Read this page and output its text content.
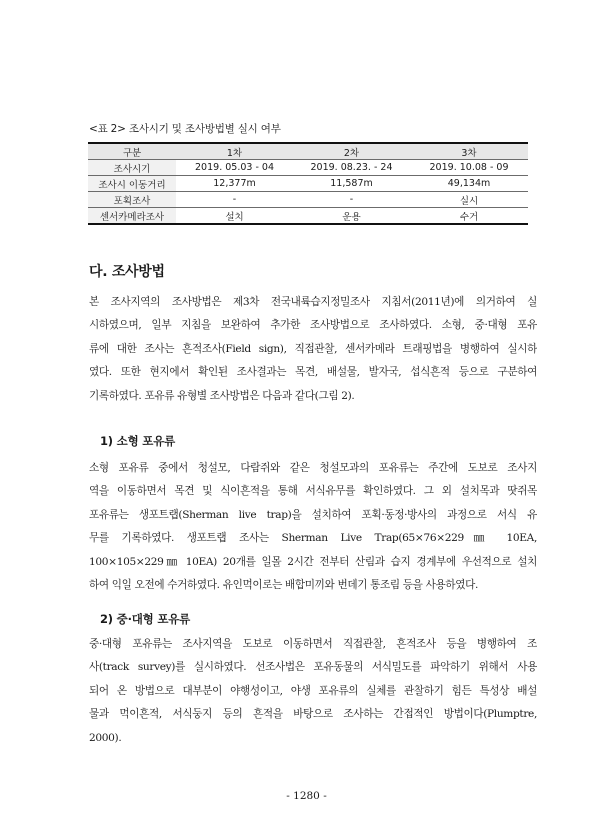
<표 2> 조사시기 및 조사방법별 실시 여부
구분	1차	2차	3차
조사시기	2019. 05.03 - 04	2019. 08.23. - 24	2019. 10.08 - 09
조사시 이동거리	12,377m	11,587m	49,134m
포획조사	-	-	실시
센서카메라조사	설치	운용	수거
다. 조사방법
본 조사지역의 조사방법은 제3차 전국내륙습지정밀조사 지침서(2011년)에 의거하여 실
시하였으며, 일부 지침을 보완하여 추가한 조사방법으로 조사하였다. 소형, 중·대형 포유
류에 대한 조사는 흔적조사(Field sign), 직접관찰, 센서카메라 트래핑법을 병행하여 실시하
였다. 또한 현지에서 확인된 조사결과는 목견, 배설물, 발자국, 섭식흔적 등으로 구분하여
기록하였다. 포유류 유형별 조사방법은 다음과 같다(그림 2).
1) 소형 포유류
소형 포유류 중에서 청설모, 다람쥐와 같은 청설모과의 포유류는 주간에 도보로 조사지
역을 이동하면서 목견 및 식이흔적을 통해 서식유무를 확인하였다. 그 외 설치목과 땃쥐목
포유류는 생포트랩(Sherman live trap)을 설치하여 포획·동정·방사의 과정으로 서식 유
무를 기록하였다. 생포트랩 조사는 Sherman Live Trap(65×76×229㎜ 10EA,
100×105×229㎜ 10EA) 20개를 일몰 2시간 전부터 산림과 습지 경계부에 우선적으로 설치
하여 익일 오전에 수거하였다. 유인먹이로는 배합미끼와 번데기 통조림 등을 사용하였다.
2) 중·대형 포유류
중·대형 포유류는 조사지역을 도보로 이동하면서 직접관찰, 흔적조사 등을 병행하여 조
사(track survey)를 실시하였다. 선조사법은 포유동물의 서식밀도를 파악하기 위해서 사용
되어 온 방법으로 대부분이 야행성이고, 야생 포유류의 실체를 관찰하기 힘든 특성상 배설
물과 먹이흔적, 서식둥지 등의 흔적을 바탕으로 조사하는 간접적인 방법이다(Plumptre,
2000).
- 1280 -
